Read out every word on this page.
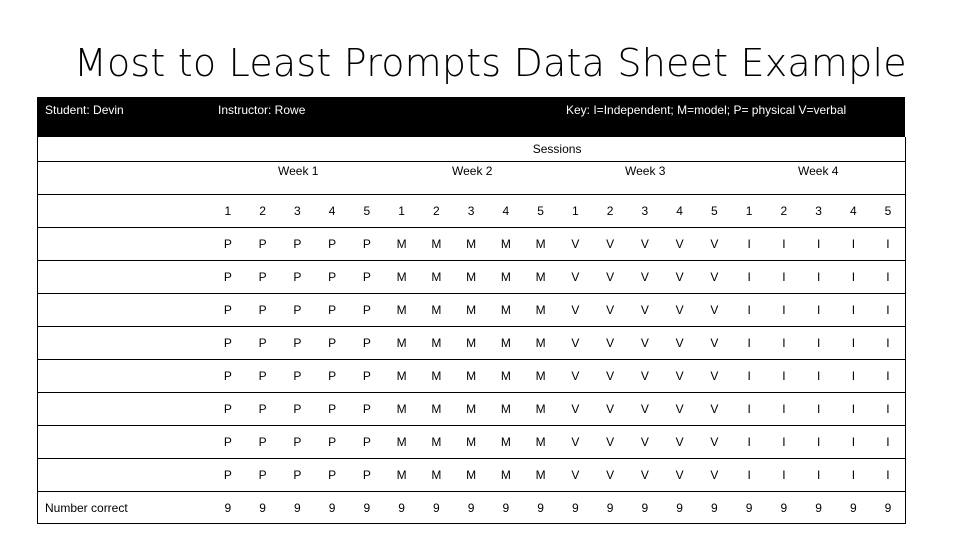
Most to Least Prompts Data Sheet Example
Student: Devin	Instructor: Rowe	Key: I=Independent; M=model; P= physical V=verbal
Sessions																				

Week 1 Week 2 Week 3 Week 4																				

	1	2	3	4	5	1	2	3	4	5	1	2	3	4	5	1	2	3	4	5
	P	P	P	P	P	M	M	M	M	M	V	V	V	V	V	I	I	I	I	I
	P	P	P	P	P	M	M	M	M	M	V	V	V	V	V	I	I	I	I	I
	P	P	P	P	P	M	M	M	M	M	V	V	V	V	V	I	I	I	I	I
	P	P	P	P	P	M	M	M	M	M	V	V	V	V	V	I	I	I	I	I
	P	P	P	P	P	M	M	M	M	M	V	V	V	V	V	I	I	I	I	I
	P	P	P	P	P	M	M	M	M	M	V	V	V	V	V	I	I	I	I	I
	P	P	P	P	P	M	M	M	M	M	V	V	V	V	V	I	I	I	I	I
	P	P	P	P	P	M	M	M	M	M	V	V	V	V	V	I	I	I	I	I
Number correct	9	9	9	9	9	9	9	9	9	9	9	9	9	9	9	9	9	9	9	9
